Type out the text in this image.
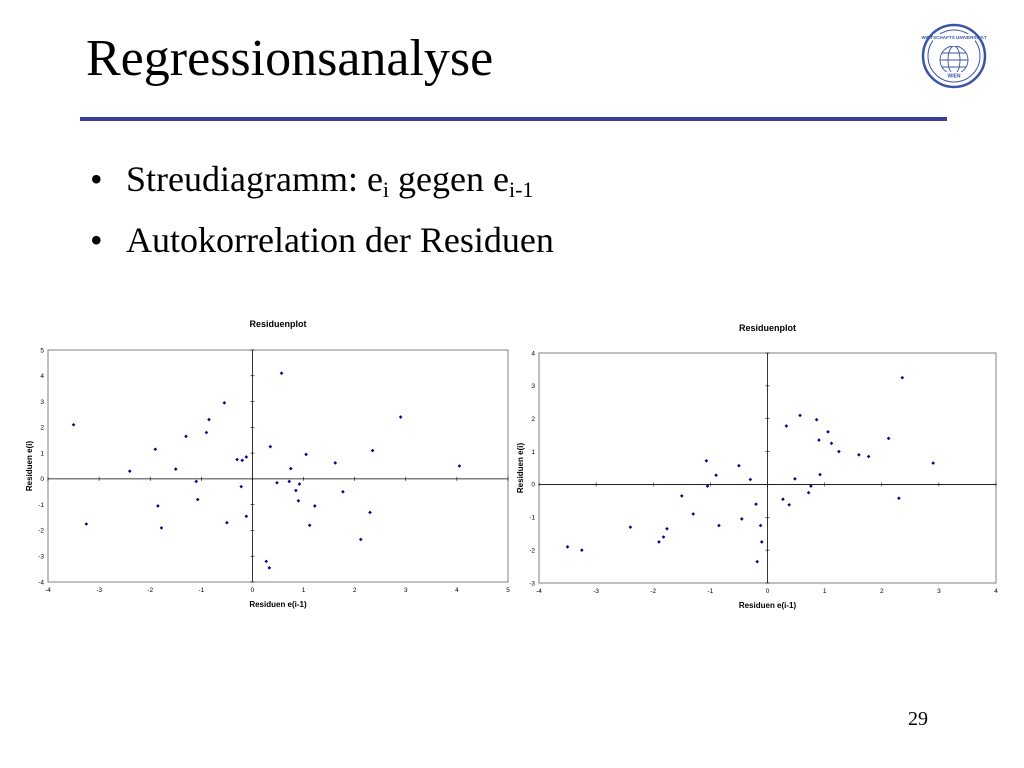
Regressionsanalyse	WIRTSCHAFTS UNIVERSITÄT
WIEN
• Streudiagramm: $e_i$ gegen $e_{i-1}$
• Autokorrelation der Residuen
Residuenplot
-4	-3	-2	-1	0	1	2	3	4	5
-4
-3
-2
-1
0
1
2
3
4
5
Residuen e(i-1)
Residuen e(i)
Residuenplot
-4	-3	-2	-1	0	1	2	3	4
-3
-2
-1
0
1
2
3
4
Residuen e(i-1)
Residuen e(i)
29
